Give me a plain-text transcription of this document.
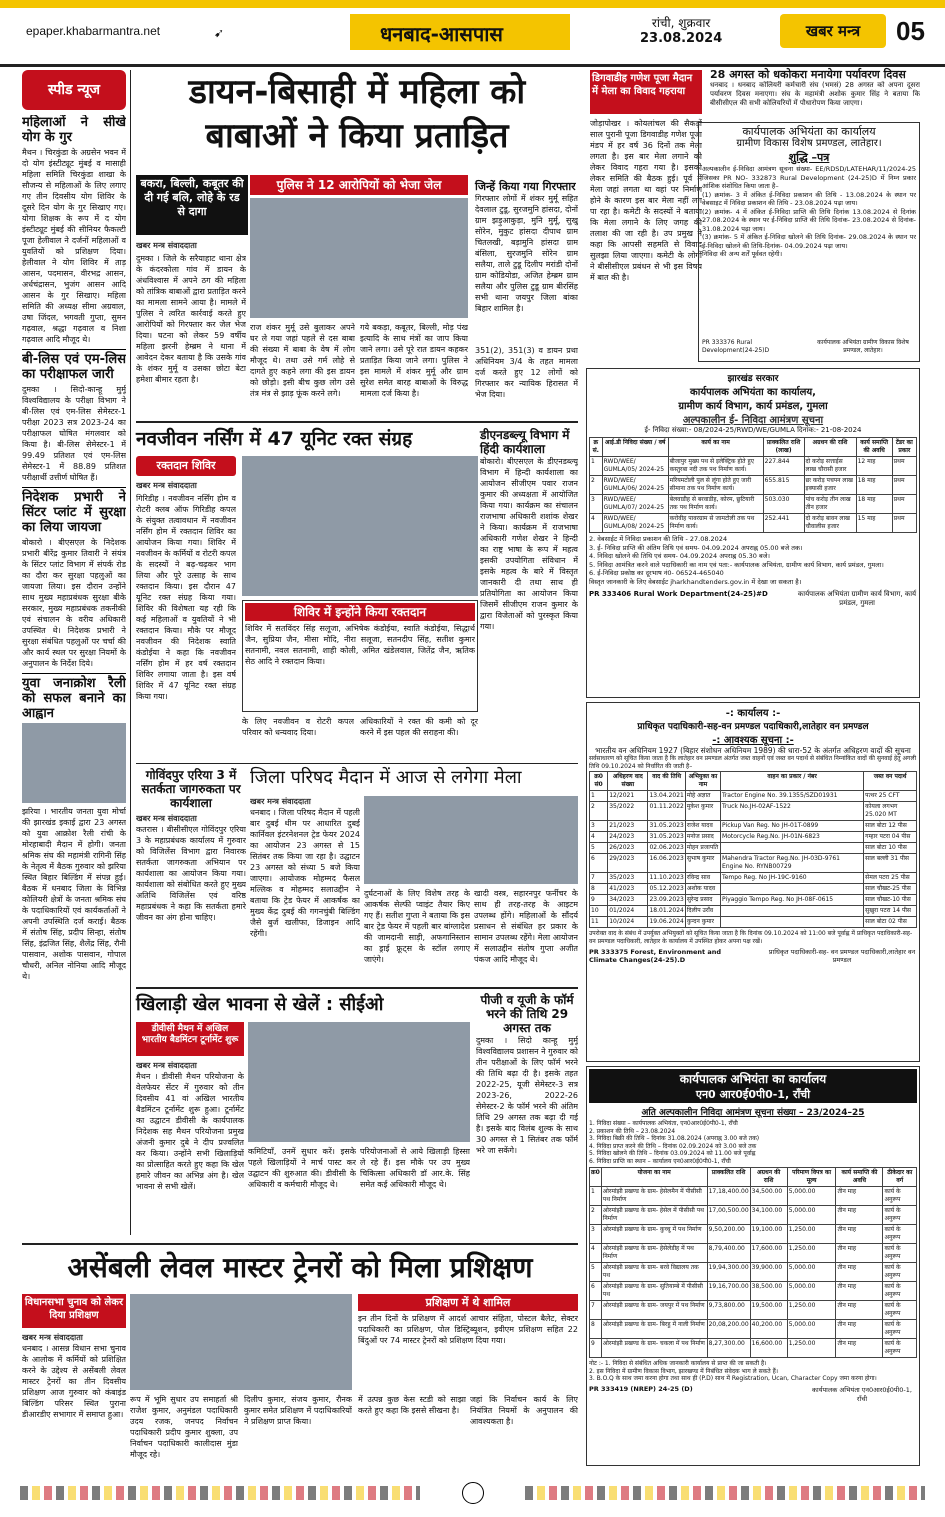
epaper.khabarmantra.net	➹	धनबाद-आसपास	रांची, शुक्रवार
23.08.2024	खबर मन्त्र	05
स्पीड न्यूज
महिलाओं ने सीखे योग के गुर
मैथन । चिरकुंडा के अग्रसेन भवन में दो योग इंस्टीट्यूट मुंबई व मासाही महिला समिति चिरकुंडा शाखा के सौजन्य से महिलाओं के लिए लगाए गए तीन दिवसीय योग शिविर के दूसरे दिन योग के गुर सिखाए गए। योगा शिक्षक के रूप में द योग इंस्टीट्यूट मुंबई की सीनियर फैकल्टी पूजा हेलीवाल ने दर्जनों महिलाओं व युवतियों को प्रशिक्षण दिया। हेलीवाल ने योग शिविर में ताड़ आसन, पदमासन, वीरभद्र आसन, अर्धचंद्रासन, भुजंग आसन आदि आसन के गुर सिखाए। महिला समिति की अध्यक्ष सीमा अग्रवाल, उषा जिंदल, भगवती गुप्ता, सुमन गढ़वाल, श्रद्धा गढ़वाल व निशा गढ़वाल आदि मौजूद थे।
बी-लिस एवं एम-लिस का परीक्षाफल जारी
दुमका । सिदो-कान्हू मुर्मू विश्वविद्यालय के परीक्षा विभाग ने बी-लिस एवं एम-लिस सेमेस्टर-1 परीक्षा 2023 सत्र 2023-24 का परीक्षाफल घोषित मंगलवार को किया है। बी-लिस सेमेस्टर-1 में 99.49 प्रतिशत एवं एम-लिस सेमेस्टर-1 में 88.89 प्रतिशत परीक्षार्थी उत्तीर्ण घोषित हैं।
निदेशक प्रभारी ने सिंटर प्लांट में सुरक्षा का लिया जायजा
बोकारो । बीएसएल के निदेशक प्रभारी बीरेंद्र कुमार तिवारी ने संयंत्र के सिंटर प्लांट विभाग में संपर्क रोड का दौरा कर सुरक्षा पहलुओं का जायजा लिया। इस दौरान उन्होंने साथ मुख्य महाप्रबंधक सुरक्षा बीके सरकार, मुख्य महाप्रबंधक तकनीकी एवं संचालन के वरीय अधिकारी उपस्थित थे। निदेशक प्रभारी ने सुरक्षा संबंधित पहलुओं पर चर्चा की और कार्य स्थल पर सुरक्षा नियमों के अनुपालन के निर्देश दिये।
युवा जनाक्रोश रैली को सफल बनाने का आह्वान
झरिया । भारतीय जनता युवा मोर्चा की झारखंड इकाई द्वारा 23 अगस्त को युवा आक्रोश रैली रांची के मोरहाबादी मैदान में होगी। जनता श्रमिक संघ की महामंत्री रागिनी सिंह के नेतृत्व में बैठक गुरुवार को झरिया स्थित बिहार बिल्डिंग में संपन्न हुई। बैठक में धनबाद जिला के विभिन्न कोलियरी क्षेत्रों के जनता श्रमिक संघ के पदाधिकारियों एवं कार्यकर्ताओं ने अपनी उपस्थिति दर्ज कराई। बैठक में संतोष सिंह, प्रदीप सिन्हा, संतोष सिंह, इंद्रजित सिंह, शैलेंद्र सिंह, रौनी पासवान, अशोक पासवान, गोपाल चौधरी, अनिल नोनिया आदि मौजूद थे।
डायन-बिसाही में महिला को
बाबाओं ने किया प्रताड़ित
बकरा, बिल्ली, कबूतर की दी गई बलि, लोहे के रड से दागा
पुलिस ने 12 आरोपियों को भेजा जेल
खबर मन्त्र संवाददाता
दुमका । जिले के सरैयाहाट थाना क्षेत्र के कंदरकोला गांव में डायन के अंधविश्वास में अपने ठग की महिला को तांत्रिक बाबाओं द्वारा प्रताड़ित करने का मामला सामने आया है। मामले में पुलिस ने त्वरित कार्रवाई करते हुए आरोपियों को गिरफ्तार कर जेल भेज दिया। घटना को लेकर 59 वर्षीय महिला झरनी हेम्ब्रम ने थाना में आवेदन देकर बताया है कि उसके गांव के शंकर मुर्मू व उसका छोटा बेटा हमेशा बीमार रहता है।
राज शंकर मुर्मू उसे बुलाकर अपने घर ले गया जहां पहले से दस बाबा की संख्या में बाबा के वेष में लोग मौजूद थे। तथा उसे गर्म लोहे से दागते हुए कहने लगा की इस डायन को छोड़ो। इसी बीच कुछ लोग उसे तंत्र मंत्र से झाड़ फूंक करने लगे।
गये बकड़ा, कबूतर, बिल्ली, मोड़ पंख इत्यादि के साथ मंत्रों का जाप किया जाने लगा। उसे पूरे रात डायन कहकर प्रताड़ित किया जाने लगा। पुलिस ने इस मामले में शंकर मुर्मू और ग्राम सुरेश समेत बारह बाबाओं के विरुद्ध मामला दर्ज किया है।
जिन्हें किया गया गिरफ्तार
गिरफ्तार लोगों में शंकर मुर्मू सहित देवलाल टुडू, सुरजमुनि हांसदा, दोनों ग्राम झड़ुआकुड़ा, मुनि मुर्मू, सुखु सोरेन, मुकुट हांसदा दीपाथ ग्राम चितलखी, बड़ामुनि हांसदा ग्राम बंसिला, सुरजमुनि सोरेन ग्राम सलैया, ताले टुडू दिलीप मरांडी दोनों ग्राम कोडियोडा, अजित हेम्ब्रम ग्राम सलैया और पुलिस टुडू ग्राम बीरसिंह सभी थाना जयपुर जिला बांका बिहार शामिल है।
351(2), 351(3) व डायन प्रथा अधिनियम 3/4 के तहत मामला दर्ज करते हुए 12 लोगों को गिरफ्तार कर न्यायिक हिरासत में भेज दिया।
डिगवाडीह गणेश पूजा मैदान में मेला का विवाद गहराया
जोड़ापोखर । कोयलांचल की सैकड़ों साल पुरानी पूजा डिगवाडीह गणेश पूजा मंडप में हर वर्ष 36 दिनों तक मेला लगता है। इस बार मेला लगाने को लेकर विवाद गहरा गया है। इसको लेकर समिति की बैठक हुई। पूर्व में मेला जहां लगता था वहां पर निर्माण होने के कारण इस बार मेला नहीं लग पा रहा है। कमेटी के सदस्यों ने बताया कि मेला लगाने के लिए जगह की तलाश की जा रही है। उप प्रमुख ने कहा कि आपसी सहमति से विवाद सुलझा लिया जाएगा। कमेटी के लोगों ने बीसीसीएल प्रबंधन से भी इस विषय में बात की है।
28 अगस्त को धकोकरा मनायेगा पर्यावरण दिवस
धनबाद । धनबाद कोलियरी कर्मचारी संघ (भमसं) 28 अगस्त को अपना दूसरा पर्यावरण दिवस मनाएगा। संघ के महामंत्री अशोक कुमार सिंह ने बताया कि बीसीसीएल की सभी कोलियरियों में पौधारोपण किया जाएगा।
कार्यपालक अभियंता का कार्यालय
ग्रामीण विकास विशेष प्रमण्डल, लातेहार।
शुद्धि –पत्र
अल्पकालीन ई-निविदा आमंत्रण सूचना संख्या- EE/RDSD/LATEHAR/11/2024-25 जिसका PR NO- 332873 Rural Development (24-25)D में निम्न प्रकार आंशिक संशोधित किया जाता है–
(1) क्रमांक- 3 में अंकित ई-निविदा प्रकाशन की तिथि - 13.08.2024 के स्थान पर वेबसाइट में निविदा प्रकाशन की तिथि - 23.08.2024 पढ़ा जाय।
(2) क्रमांक- 4 में अंकित ई-निविदा प्राप्ति की तिथि दिनांक 13.08.2024 से दिनांक 27.08.2024 के स्थान पर ई-निविदा प्राप्ति की तिथि दिनांक- 23.08.2024 से दिनांक- 31.08.2024 पढ़ा जाय।
(3) क्रमांक- 5 में अंकित ई-निविदा खोलने की तिथि दिनांक- 29.08.2024 के स्थान पर ई-निविदा खोलने की तिथि-दिनांक- 04.09.2024 पढ़ा जाय।
निविदा की अन्य शर्तें पूर्ववत रहेगी।
PR 333376 Rural Development(24-25)D
कार्यपालक अभियंता ग्रामीण विकास विशेष प्रमण्डल, लातेहार।
झारखंड सरकार
कार्यपालक अभियंता का कार्यालय,
ग्रामीण कार्य विभाग, कार्य प्रमंडल, गुमला
अल्पकालीन ई- निविदा आमंत्रण सूचना
ई- निविदा संख्या:- 08/2024-25/RWD/WE/GUMLA दिनांक:- 21-08-2024
क्र सं.	आई.डी निविदा संख्या / वर्ष	कार्य का नाम	प्राक्कलित राशि (लाख)	अग्रधन की राशि	कार्य समाप्ति की अवधि	टेंडर का प्रकार
1	RWD/WEE/ GUMLA/05/ 2024-25	बीजापुर मुख्य पथ से इलेक्ट्रिक होते हुए कस्तुरबा नदी तक पथ निर्माण कार्य।	227.844	दो करोड़ सत्ताईस लाख चौरासी हजार	12 माह	प्रथम
2	RWD/WEE/ GUMLA/06/ 2024-25	मरियमटोली पुल से लूंगा होते हुए जारी सीमाना तक पथ निर्माण कार्य।	655.815	छः करोड़ पचपन लाख इक्यासी हजार	18 माह	प्रथम
3	RWD/WEE/ GUMLA/07/ 2024-25	बेलवाडीह से बरवाडीह, कोरम, छुटियारी तक पथ निर्माण कार्य।	503.030	पांच करोड़ तीन लाख तीन हजार	18 माह	प्रथम
4	RWD/WEE/ GUMLA/08/ 2024-25	करोवीह पावरग्राम से जामटोली तक पथ निर्माण कार्य।	252.441	दो करोड़ बावन लाख चौवालीस हजार	15 माह	प्रथम
2. वेबसाईट में निविदा प्रकाशन की तिथि - 27.08.2024
3. ई- निविदा प्राप्ति की अंतिम तिथि एवं समय- 04.09.2024 अपराह्न 05.00 बजे तक।
4. निविदा खोलने की तिथि एवं समय- 04.09.2024 अपराह्न 05.30 बजे।
5. निविदा आमंत्रित करने वाले पदाधिकारी का नाम एवं पता:- कार्यपालक अभियंता, ग्रामीण कार्य विभाग, कार्य प्रमंडल, गुमला।
6. ई-निविदा प्रकोष्ठ का दूरभाष नं0- 06524-465040
विस्तृत जानकारी के लिए वेबसाईट jharkhandtenders.gov.in में देखा जा सकता है।
PR 333406 Rural Work Department(24-25)#D	कार्यपालक अभियंता ग्रामीण कार्य विभाग, कार्य प्रमंडल, गुमला
नवजीवन नर्सिंग में 47 यूनिट रक्त संग्रह
रक्तदान शिविर
खबर मन्त्र संवाददाता
गिरिडीह । नवजीवन नर्सिंग होम व रोटरी क्लब ऑफ गिरिडीह कपल के संयुक्त तत्वावधान में नवजीवन नर्सिंग होम में रक्तदान शिविर का आयोजन किया गया। शिविर में नवजीवन के कर्मियों व रोटरी कपल के सदस्यों ने बढ़-चढ़कर भाग लिया और पूरे उत्साह के साथ रक्तदान किया। इस दौरान 47 यूनिट रक्त संग्रह किया गया। शिविर की विशेषता यह रही कि कई महिलाओं व युवतियों ने भी रक्तदान किया। मौके पर मौजूद नवजीवन की निदेशक स्वाति कंडोईया ने कहा कि नवजीवन नर्सिंग होम में हर वर्ष रक्तदान शिविर लगाया जाता है। इस वर्ष शिविर में 47 यूनिट रक्त संग्रह किया गया।
शिविर में इन्होंने किया रक्तदान
शिविर में सतविंदर सिंह सलूजा, अभिषेक कंडोईया, स्वाति कंडोईया, सिद्धार्थ जैन, सुप्रिया जैन, मीसा मोदि, नीरा सलूजा, सतनदीप सिंह, सतीश कुमार सतनामी, नवल सतनामी, शाही कोली, अमित खंडेलवाल, जितेंद्र जैन, ऋतिक सेठ आदि ने रक्तदान किया।
के लिए नवजीवन व रोटरी कपल परिवार को धन्यवाद दिया।
अधिकारियों ने रक्त की कमी को दूर करने में इस पहल की सराहना की।
डीएनडब्ल्यू विभाग में हिंदी कार्यशाला
बोकारो। बीएसएल के डीएनडब्ल्यू विभाग में हिन्दी कार्यशाला का आयोजन सीजीएम पवार राजन कुमार की अध्यक्षता में आयोजित किया गया। कार्यक्रम का संचालन राजभाषा अधिकारी शशांक शेखर ने किया। कार्यक्रम में राजभाषा अधिकारी गणेश शेखर ने हिन्दी का राष्ट्र भाषा के रूप में महत्व इसकी उपयोगिता संविधान में इसके महत्व के बारे में विस्तृत जानकारी दी तथा साथ ही प्रतियोगिता का आयोजन किया जिसमें सीजीएम राजन कुमार के द्वारा विजेताओं को पुरस्कृत किया गया।
गोविंदपुर एरिया 3 में सतर्कता जागरुकता पर कार्यशाला
खबर मन्त्र संवाददाता
कतरास । बीसीसीएल गोविंदपुर एरिया 3 के महाप्रबंधक कार्यालय में गुरुवार को विजिलेंस विभाग द्वारा निवारक सतर्कता जागरुकता अभियान पर कार्यशाला का आयोजन किया गया। कार्यशाला को संबोधित करते हुए मुख्य अतिथि विजिलेंस एवं वरिष्ठ महाप्रबंधक ने कहा कि सतर्कता हमारे जीवन का अंग होना चाहिए।
जिला परिषद मैदान में आज से लगेगा मेला
खबर मन्त्र संवाददाता
धनबाद । जिला परिषद मैदान में पहली बार दुबई थीम पर आधारित दुबई कार्निवल इंटरनेशनल ट्रेड फेयर 2024 का आयोजन 23 अगस्त से 15 सितंबर तक किया जा रहा है। उद्घाटन 23 अगस्त को संध्या 5 बजे किया जाएगा। आयोजक मोहम्मद फैसल मल्लिक व मोहम्मद सलाउद्दीन ने बताया कि ट्रेड फेयर में आकर्षक का मुख्य केंद्र दुबई की गगनचुंबी बिल्डिंग जैसे बुर्ज खलीफा, डिजाइन आदि रहेंगी।
दुर्घटनाओं के लिए विशेष तरह के आकर्षक सेल्फी प्वाइंट तैयार किए गए हैं। सतीश गुप्ता ने बताया कि इस बार ट्रेड फेयर में पहली बार बांग्लादेश की जामदानी साड़ी, अफगानिस्तान का ड्राई फ्रूट्स के स्टॉल लगाए जाएंगे।
खादी वस्त्र, सहारनपुर फर्नीचर के साथ ही तरह-तरह के आइटम उपलब्ध होंगे। महिलाओं के सौंदर्य प्रसाधन से संबंधित हर प्रकार के सामान उपलब्ध रहेंगे। मेला आयोजन में सलाउद्दीन संतोष गुप्ता अजीत पंकज आदि मौजूद थे।
खिलाड़ी खेल भावना से खेलें : सीईओ
डीवीसी मैथन में अखिल भारतीय बैडमिंटन टूर्नामेंट शुरू
खबर मन्त्र संवाददाता
मैथन । डीवीसी मैथन परियोजना के वेलफेयर सेंटर में गुरुवार को तीन दिवसीय 41 वां अखिल भारतीय बैडमिंटन टूर्नामेंट शुरू हुआ। टूर्नामेंट का उद्घाटन डीवीसी के कार्यपालक निदेशक सह मैथन परियोजना प्रमुख अंजनी कुमार दुबे ने दीप प्रज्वलित कर किया। उन्होंने सभी खिलाड़ियों का प्रोत्साहित करते हुए कहा कि खेल हमारे जीवन का अभिन्न अंग है। खेल भावना से सभी खेलें।
कमिटियाँ, उनमें सुधार करें। इसके पहले खिलाड़ियों ने मार्च पास्ट कर उद्घाटन की शुरुआत की। डीवीसी के अधिकारी व कर्मचारी मौजूद थे।
परियोजनाओं से आये खिलाड़ी हिस्सा ले रहे हैं। इस मौके पर उप मुख्य चिकित्सा अधिकारी डॉ आर.के. सिंह समेत कई अधिकारी मौजूद थे।
पीजी व यूजी के फॉर्म भरने की तिथि 29 अगस्त तक
दुमका । सिदो कान्हू मुर्मू विश्वविद्यालय प्रशासन ने गुरुवार को तीन परीक्षाओं के लिए फॉर्म भरने की तिथि बढ़ा दी है। इसके तहत 2022-25, यूजी सेमेस्टर-3 सत्र 2023-26, 2022-26 सेमेस्टर-2 के फॉर्म भरने की अंतिम तिथि 29 अगस्त तक बढ़ा दी गई है। इसके बाद विलंब शुल्क के साथ 30 अगस्त से 1 सितंबर तक फॉर्म भरे जा सकेंगे।
असेंबली लेवल मास्टर ट्रेनरों को मिला प्रशिक्षण
विधानसभा चुनाव को लेकर दिया प्रशिक्षण
खबर मन्त्र संवाददाता
धनबाद । आसन्न विधान सभा चुनाव के आलोक में कर्मियों को प्रशिक्षित करने के उद्देश्य से असेंबली लेवल मास्टर ट्रेनरों का तीन दिवसीय प्रशिक्षण आज गुरुवार को कंबाइंड बिल्डिंग परिसर स्थित पुराना डीआरडीए सभागार में समाप्त हुआ।
प्रशिक्षण में थे शामिल
इन तीन दिनों के प्रशिक्षण में आदर्श आचार संहिता, पोस्टल बैलेट, सेक्टर पदाधिकारी का प्रशिक्षण, पोल डिस्ट्रिब्यूशन, इवीएम प्रशिक्षण सहित 22 बिंदुओं पर 74 मास्टर ट्रेनरों को प्रशिक्षण दिया गया।
रूप में भूमि सुधार उप समाहर्ता श्री राजेश कुमार, अनुमंडल पदाधिकारी उदय रजक, जनपद निर्वाचन पदाधिकारी प्रदीप कुमार शुक्ला, उप निर्वाचन पदाधिकारी कालीदास मुंडा मौजूद रहे।
दिलीप कुमार, संजय कुमार, रौनक कुमार समेत प्रशिक्षण में पदाधिकारियों ने प्रशिक्षण प्राप्त किया।
में उत्पन्न कुछ केस स्टडी को साझा करते हुए कहा कि इससे सीखना है।
जहां कि निर्वाचन कार्य के लिए नियंत्रित नियमों के अनुपालन की आवश्यकता है।
-: कार्यालय :-
प्राधिकृत पदाधिकारी-सह-वन प्रमण्डल पदाधिकारी,लातेहार वन प्रमण्डल
-: आवश्यक सूचना :-
भारतीय वन अधिनियम 1927 (बिहार संशोधन अधिनियम 1989) की धारा-52 के अंतर्गत अधिहरण वादों की सूचना
सर्वसाधारण को सूचित किया जाता है कि लातेहार वन प्रमण्डल अंतर्गत जब्त वाहनों एवं जब्त वन पदार्थ से संबंधित निम्नांकित वादों की सुनवाई हेतु अगली तिथि 09.10.2024 को निर्धारित की जाती है–
क्र0 सं0	अधिहरण वाद संख्या	वाद की तिथि	अभियुक्त का नाम	वाहन का प्रकार / नंबर	जब्त वन पदार्थ
1	12/2021	13.04.2021	मोहे अज्ञात	Tractor Engine No. 39.1355/SZD01931	पत्थर 25 CFT
2	35/2022	01.11.2022	मुकेश कुमार	Truck No.JH-02AF-1522	कोयला लगभग 25.020 MT
3	21/2023	31.05.2023	राजेश यादव	Pickup Van Reg. No JH-01T-0899	साल बोटा 12 पीस
4	24/2023	31.05.2023	मनोज प्रसाद	Motorcycle Reg.No. JH-01N-6823	गम्हार पटरा 04 पीस
5	26/2023	02.06.2023	मोहन प्रजापति		साल बोटा 10 पीस
6	29/2023	16.06.2023	सुभाष कुमार	Mahendra Tractor Reg.No. JH-03D-9761 Engine No. RYNB00729	साल बल्ली 31 पीस
7	35/2023	11.10.2023	रविन्द्र साव	Tempo Reg. No JH-19C-9160	सेमल पटरा 25 पीस
8	41/2023	05.12.2023	अशोक यादव		साल चौखट-25 पीस
9	34/2023	23.09.2023	सुरेन्द्र प्रसाद	Piyaggio Tempo Reg. No JH-08F-0615	साल चौखट-10 पीस
10	01/2024	18.01.2024	दिलीप उराँव		सुखुरा पटरा 14 पीस
11	10/2024	19.06.2024	कुन्दन कुमार		साल बोटा 02 पीस
उपरोक्त वाद के संबंध में उपर्युक्त अभियुक्तों को सूचित किया जाता है कि दिनांक 09.10.2024 को 11:00 बजे पूर्वाह्न में प्राधिकृत पदाधिकारी-सह-वन प्रमण्डल पदाधिकारी, लातेहार के कार्यालय में उपस्थित होकर अपना पक्ष रखें।
PR 333375 Forest, Environment and Climate Changes(24-25).D
प्राधिकृत पदाधिकारी-सह- वन प्रमण्डल पदाधिकारी,लातेहार वन प्रमण्डल
कार्यपालक अभियंता का कार्यालय
एन0 आर0ई0पी0-1, राँची
अति अल्पकालीन निविदा आमंत्रण सूचना संख्या – 23/2024–25
1. निविदा संख्या – कार्यपालक अभियंता, एन0आर0ई0पी0-1, राँची
2. प्रकाशन की तिथि – 23.08.2024
3. निविदा बिक्री की तिथि – दिनांक 31.08.2024 (अपराह्न 3.00 बजे तक)
4. निविदा प्राप्त करने की तिथि – दिनांक 02.09.2024 को 3.00 बजे तक
5. निविदा खोलने की तिथि – दिनांक 03.09.2024 को 11.00 बजे पूर्वाह्न
6. निविदा प्राप्ति का स्थान – कार्यालय एन0आर0ई0पी0-1, राँची
क्र0	योजना का नाम	प्राक्कलित राशि	अग्रधन की राशि	परिमाण विपत्र का मूल्य	कार्य समाप्ति की अवधि	ठीकेदार का वर्ग
1	ओरमांझी प्रखण्ड के ग्राम- हेसेलमैन में पीसीसी पथ निर्माण	17,18,400.00	34,500.00	5,000.00	तीन माह	कार्य के अनुरूप
2	ओरमांझी प्रखण्ड के ग्राम- हेसेल में पीसीसी पथ निर्माण	17,00,500.00	34,100.00	5,000.00	तीन माह	कार्य के अनुरूप
3	ओरमांझी प्रखण्ड के ग्राम- कुच्चु में पथ निर्माण	9,50,200.00	19,100.00	1,250.00	तीन माह	कार्य के अनुरूप
4	ओरमांझी प्रखण्ड के ग्राम- हेसेलेडीह में पथ निर्माण	8,79,400.00	17,600.00	1,250.00	तीन माह	कार्य के अनुरूप
5	ओरमांझी प्रखण्ड के ग्राम- बरवे विद्यालय तक पथ	19,94,300.00	39,900.00	5,000.00	तीन माह	कार्य के अनुरूप
6	ओरमांझी प्रखण्ड के ग्राम- सुतियाम्बे में पीसीसी पथ	19,16,700.00	38,500.00	5,000.00	तीन माह	कार्य के अनुरूप
7	ओरमांझी प्रखण्ड के ग्राम- जयपुर में पथ निर्माण	9,73,800.00	19,500.00	1,250.00	तीन माह	कार्य के अनुरूप
8	ओरमांझी प्रखण्ड के ग्राम- बिरहु में नाली निर्माण	20,08,200.00	40,200.00	5,000.00	तीन माह	कार्य के अनुरूप
9	ओरमांझी प्रखण्ड के ग्राम- चकला में पथ निर्माण	8,27,300.00	16,600.00	1,250.00	तीन माह	कार्य के अनुरूप
नोट :- 1. निविदा से संबंधित अधिक जानकारी कार्यालय से प्राप्त की जा सकती है।
2. इस निविदा में ग्रामीण विकास विभाग, झारखण्ड में निबंधित संवेदक भाग ले सकते हैं।
3. B.O.Q के साथ जमा करना होगा तथा साथ ही (P.D) साथ में Registration, Ucan, Character Copy जमा करना होगा।
PR 333419 (NREP) 24-25 (D)	कार्यपालक अभियंता एन0आर0ई0पी0-1, राँची
